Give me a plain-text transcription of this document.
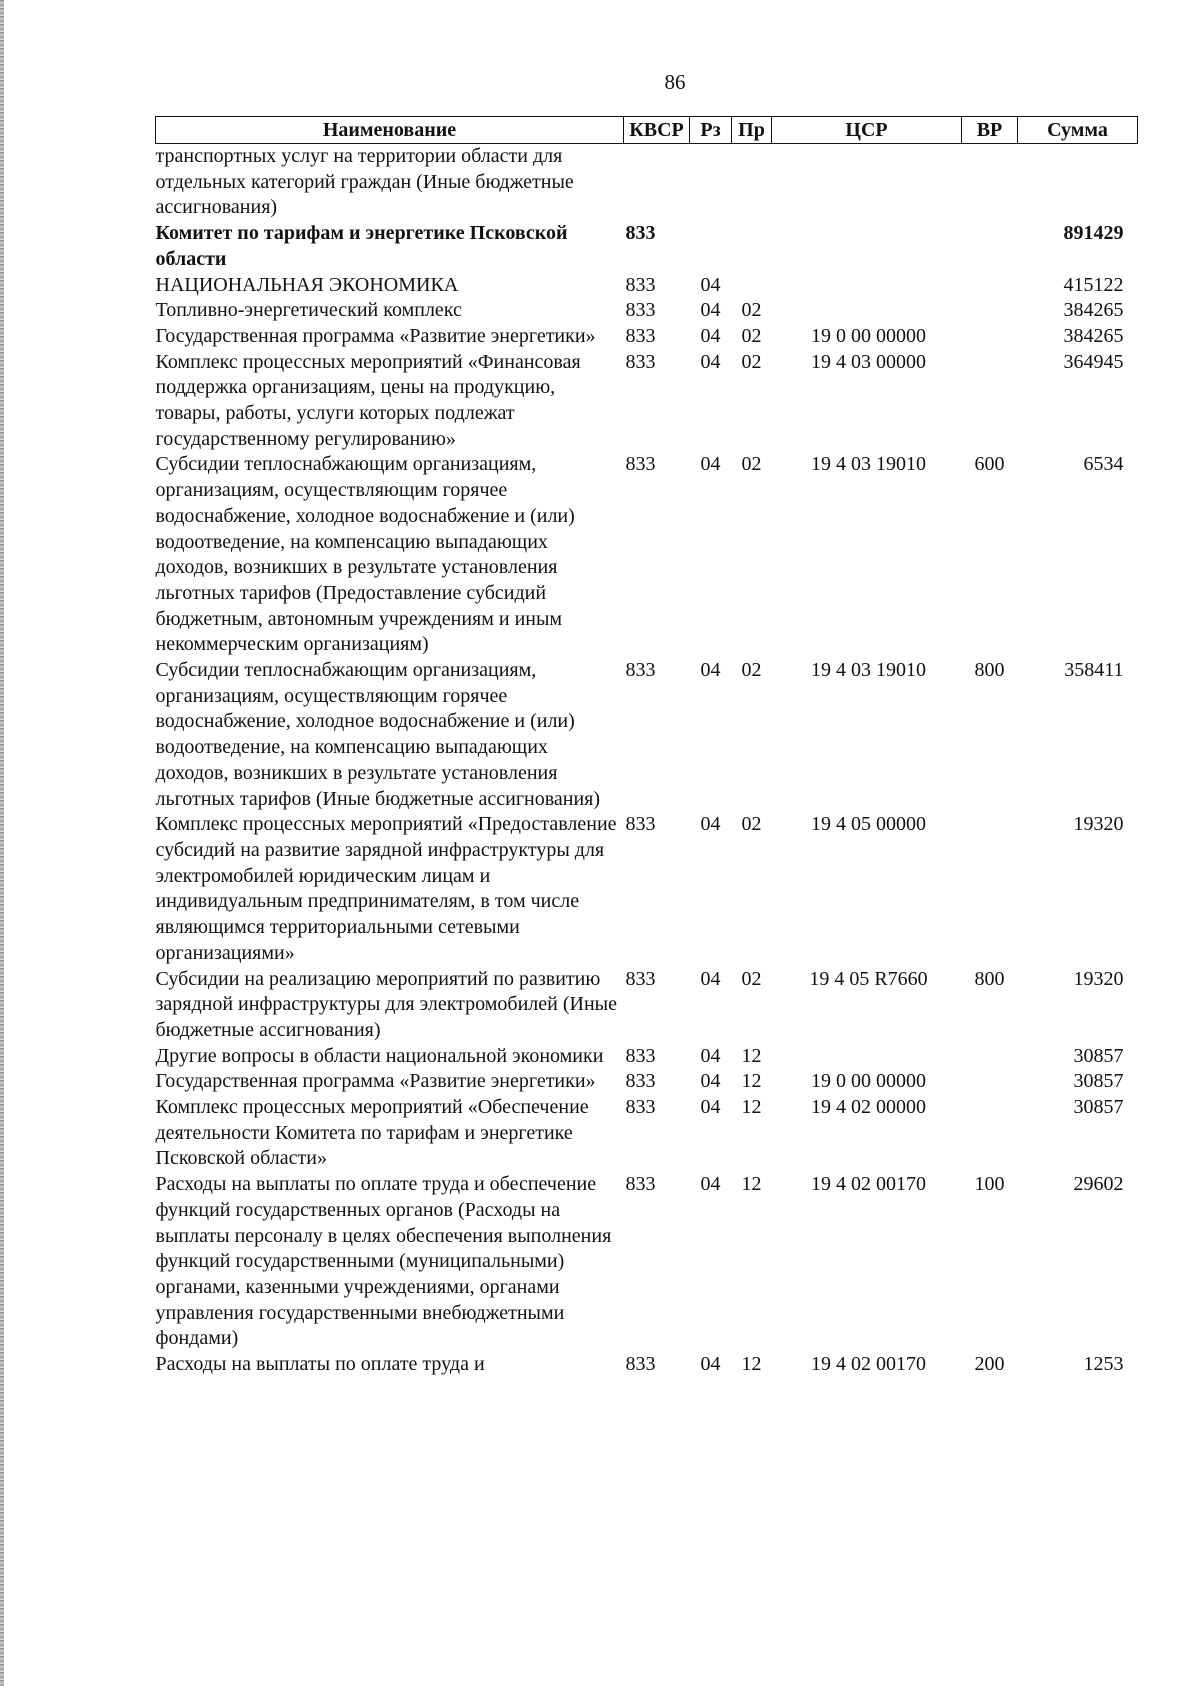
86
Наименование	КВСР	Рз	Пр	ЦСР	ВР	Сумма
транспортных услуг на территории области для отдельных категорий граждан (Иные бюджетные ассигнования)						
Комитет по тарифам и энергетике Псковской области	833					891429
НАЦИОНАЛЬНАЯ ЭКОНОМИКА	833	04				415122
Топливно-энергетический комплекс	833	04	02			384265
Государственная программа «Развитие энергетики»	833	04	02	19 0 00 00000		384265
Комплекс процессных мероприятий «Финансовая поддержка организациям, цены на продукцию, товары, работы, услуги которых подлежат государственному регулированию»	833	04	02	19 4 03 00000		364945
Субсидии теплоснабжающим организациям, организациям, осуществляющим горячее водоснабжение, холодное водоснабжение и (или) водоотведение, на компенсацию выпадающих доходов, возникших в результате установления льготных тарифов (Предоставление субсидий бюджетным, автономным учреждениям и иным некоммерческим организациям)	833	04	02	19 4 03 19010	600	6534
Субсидии теплоснабжающим организациям, организациям, осуществляющим горячее водоснабжение, холодное водоснабжение и (или) водоотведение, на компенсацию выпадающих доходов, возникших в результате установления льготных тарифов (Иные бюджетные ассигнования)	833	04	02	19 4 03 19010	800	358411
Комплекс процессных мероприятий «Предоставление субсидий на развитие зарядной инфраструктуры для электромобилей юридическим лицам и индивидуальным предпринимателям, в том числе являющимся территориальными сетевыми организациями»	833	04	02	19 4 05 00000		19320
Субсидии на реализацию мероприятий по развитию зарядной инфраструктуры для электромобилей (Иные бюджетные ассигнования)	833	04	02	19 4 05 R7660	800	19320
Другие вопросы в области национальной экономики	833	04	12			30857
Государственная программа «Развитие энергетики»	833	04	12	19 0 00 00000		30857
Комплекс процессных мероприятий «Обеспечение деятельности Комитета по тарифам и энергетике Псковской области»	833	04	12	19 4 02 00000		30857
Расходы на выплаты по оплате труда и обеспечение функций государственных органов (Расходы на выплаты персоналу в целях обеспечения выполнения функций государственными (муниципальными) органами, казенными учреждениями, органами управления государственными внебюджетными фондами)	833	04	12	19 4 02 00170	100	29602
Расходы на выплаты по оплате труда и	833	04	12	19 4 02 00170	200	1253
